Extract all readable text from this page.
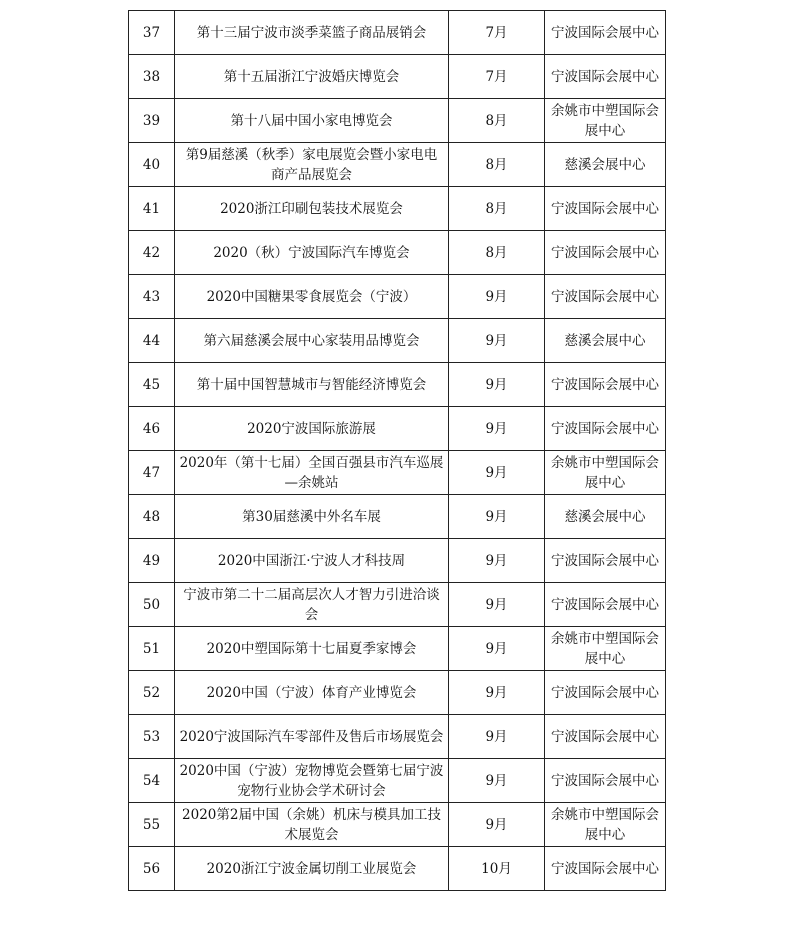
37	第十三届宁波市淡季菜篮子商品展销会	7月	宁波国际会展中心
38	第十五届浙江宁波婚庆博览会	7月	宁波国际会展中心
39	第十八届中国小家电博览会	8月	余姚市中塑国际会展中心
40	第9届慈溪（秋季）家电展览会暨小家电电商产品展览会	8月	慈溪会展中心
41	2020浙江印刷包装技术展览会	8月	宁波国际会展中心
42	2020（秋）宁波国际汽车博览会	8月	宁波国际会展中心
43	2020中国糖果零食展览会（宁波）	9月	宁波国际会展中心
44	第六届慈溪会展中心家装用品博览会	9月	慈溪会展中心
45	第十届中国智慧城市与智能经济博览会	9月	宁波国际会展中心
46	2020宁波国际旅游展	9月	宁波国际会展中心
47	2020年（第十七届）全国百强县市汽车巡展—余姚站	9月	余姚市中塑国际会展中心
48	第30届慈溪中外名车展	9月	慈溪会展中心
49	2020中国浙江·宁波人才科技周	9月	宁波国际会展中心
50	宁波市第二十二届高层次人才智力引进洽谈会	9月	宁波国际会展中心
51	2020中塑国际第十七届夏季家博会	9月	余姚市中塑国际会展中心
52	2020中国（宁波）体育产业博览会	9月	宁波国际会展中心
53	2020宁波国际汽车零部件及售后市场展览会	9月	宁波国际会展中心
54	2020中国（宁波）宠物博览会暨第七届宁波宠物行业协会学术研讨会	9月	宁波国际会展中心
55	2020第2届中国（余姚）机床与模具加工技术展览会	9月	余姚市中塑国际会展中心
56	2020浙江宁波金属切削工业展览会	10月	宁波国际会展中心
